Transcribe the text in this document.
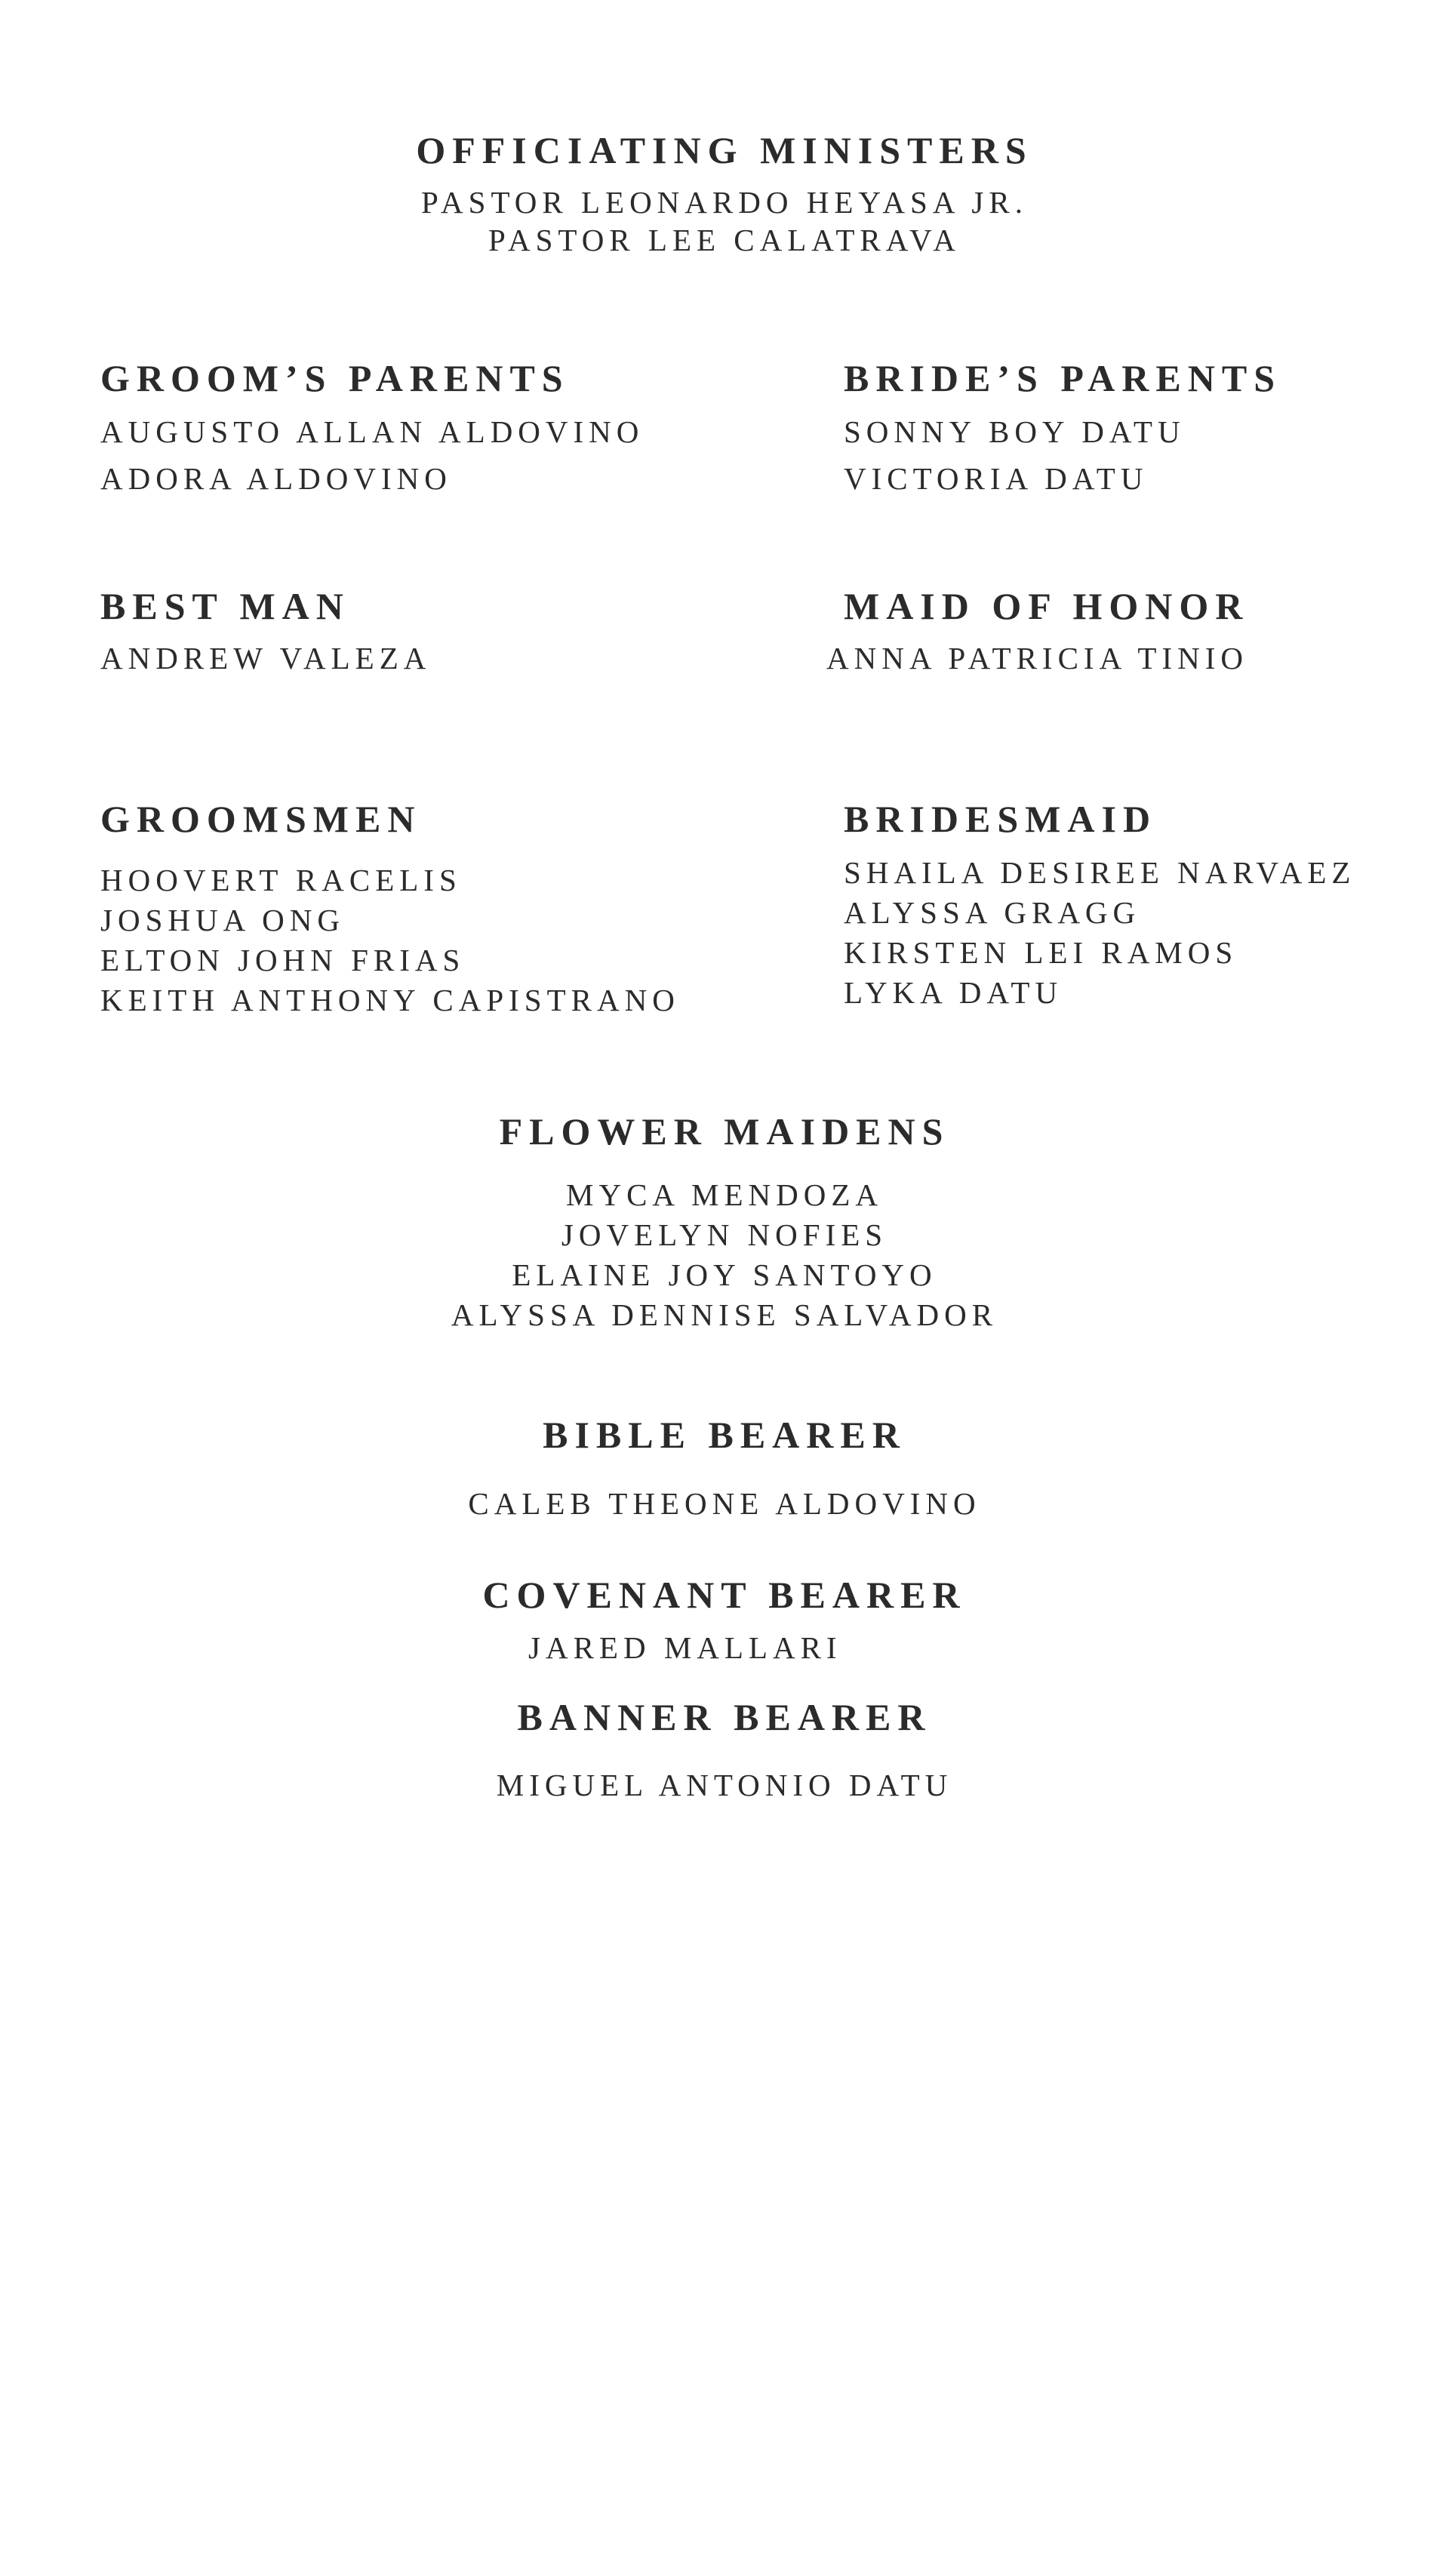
OFFICIATING MINISTERS
PASTOR LEONARDO HEYASA JR.
PASTOR LEE CALATRAVA
GROOM’S PARENTS
AUGUSTO ALLAN ALDOVINO
ADORA ALDOVINO
BRIDE’S PARENTS
SONNY BOY DATU
VICTORIA DATU
BEST MAN
ANDREW VALEZA
MAID OF HONOR
ANNA PATRICIA TINIO
GROOMSMEN
HOOVERT RACELIS
JOSHUA ONG
ELTON JOHN FRIAS
KEITH ANTHONY CAPISTRANO
BRIDESMAID
SHAILA DESIREE NARVAEZ
ALYSSA GRAGG
KIRSTEN LEI RAMOS
LYKA DATU
FLOWER MAIDENS
MYCA MENDOZA
JOVELYN NOFIES
ELAINE JOY SANTOYO
ALYSSA DENNISE SALVADOR
BIBLE BEARER
CALEB THEONE ALDOVINO
COVENANT BEARER
JARED MALLARI
BANNER BEARER
MIGUEL ANTONIO DATU
